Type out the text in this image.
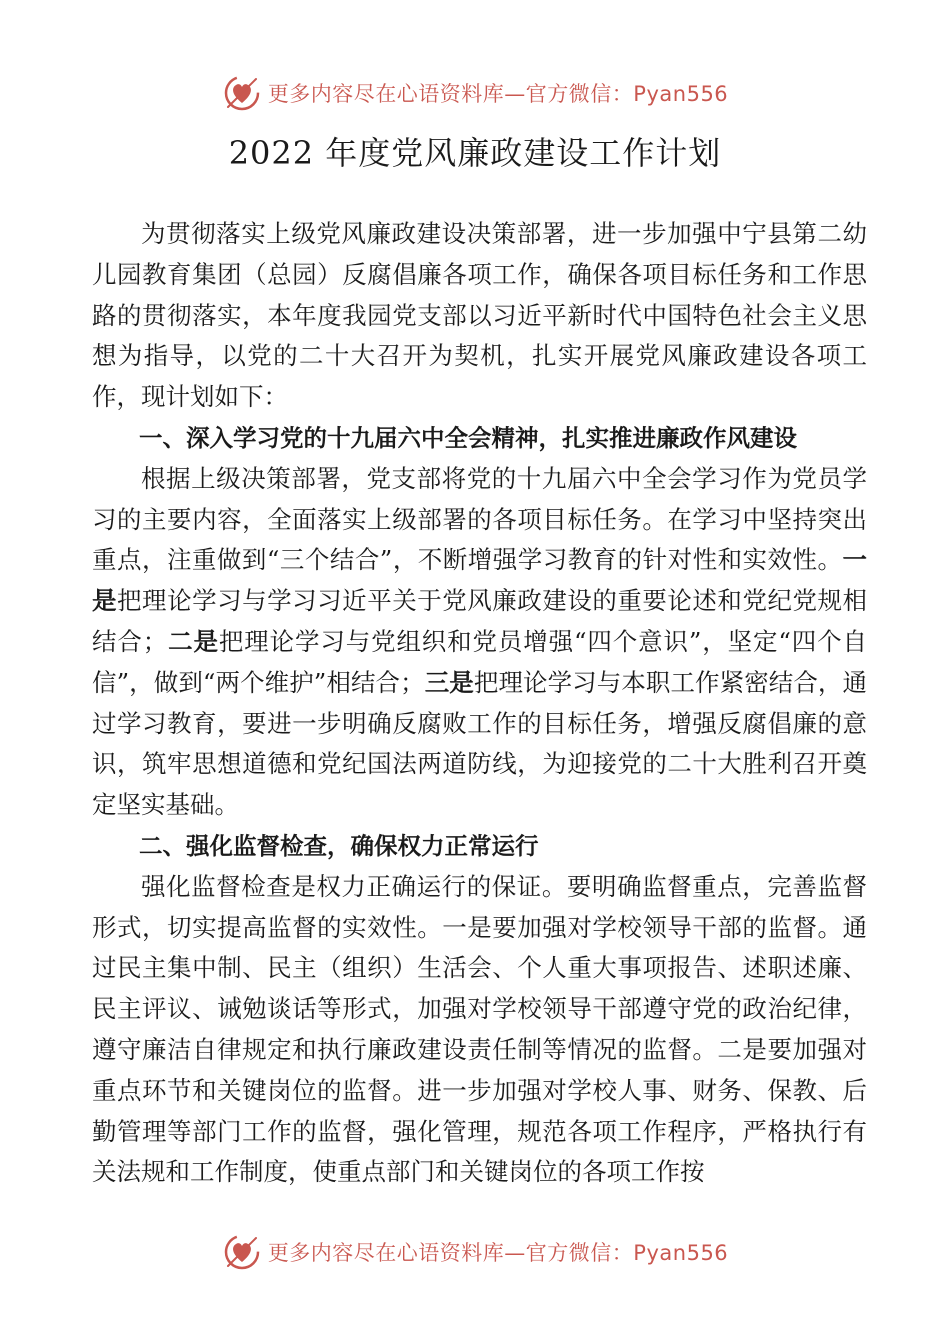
更多内容尽在心语资料库—官方微信：Pyan556
2022 年度党风廉政建设工作计划

为贯彻落实上级党风廉政建设决策部署，进一步加强中宁县第二幼儿园教育集团（总园）反腐倡廉各项工作，确保各项目标任务和工作思路的贯彻落实，本年度我园党支部以习近平新时代中国特色社会主义思想为指导，以党的二十大召开为契机，扎实开展党风廉政建设各项工作，现计划如下：

一、深入学习党的十九届六中全会精神，扎实推进廉政作风建设

根据上级决策部署，党支部将党的十九届六中全会学习作为党员学习的主要内容，全面落实上级部署的各项目标任务。在学习中坚持突出重点，注重做到“三个结合”，不断增强学习教育的针对性和实效性。一是把理论学习与学习习近平关于党风廉政建设的重要论述和党纪党规相结合；二是把理论学习与党组织和党员增强“四个意识”，坚定“四个自信”，做到“两个维护”相结合；三是把理论学习与本职工作紧密结合，通过学习教育，要进一步明确反腐败工作的目标任务，增强反腐倡廉的意识，筑牢思想道德和党纪国法两道防线，为迎接党的二十大胜利召开奠定坚实基础。

二、强化监督检查，确保权力正常运行

强化监督检查是权力正确运行的保证。要明确监督重点，完善监督形式，切实提高监督的实效性。一是要加强对学校领导干部的监督。通过民主集中制、民主（组织）生活会、个人重大事项报告、述职述廉、民主评议、诫勉谈话等形式，加强对学校领导干部遵守党的政治纪律，遵守廉洁自律规定和执行廉政建设责任制等情况的监督。二是要加强对重点环节和关键岗位的监督。进一步加强对学校人事、财务、保教、后勤管理等部门工作的监督，强化管理，规范各项工作程序，严格执行有关法规和工作制度，使重点部门和关键岗位的各项工作按

更多内容尽在心语资料库—官方微信：Pyan556
